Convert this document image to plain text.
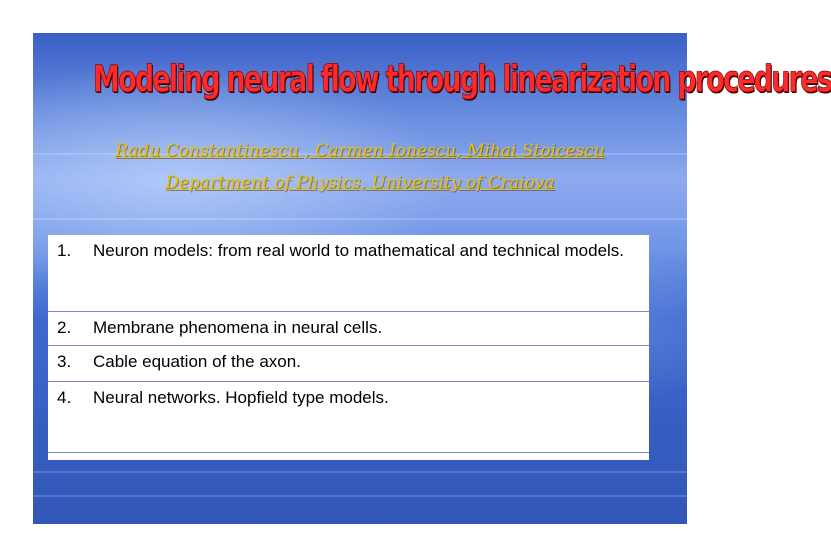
Modeling neural flow through linearization procedures
Radu Constantinescu , Carmen Ionescu, Mihai Stoicescu
Department of Physics, University of Craiova
1. Neuron models: from real world to mathematical and technical models.
2. Membrane phenomena in neural cells.
3. Cable equation of the axon.
4. Neural networks. Hopfield type models.
